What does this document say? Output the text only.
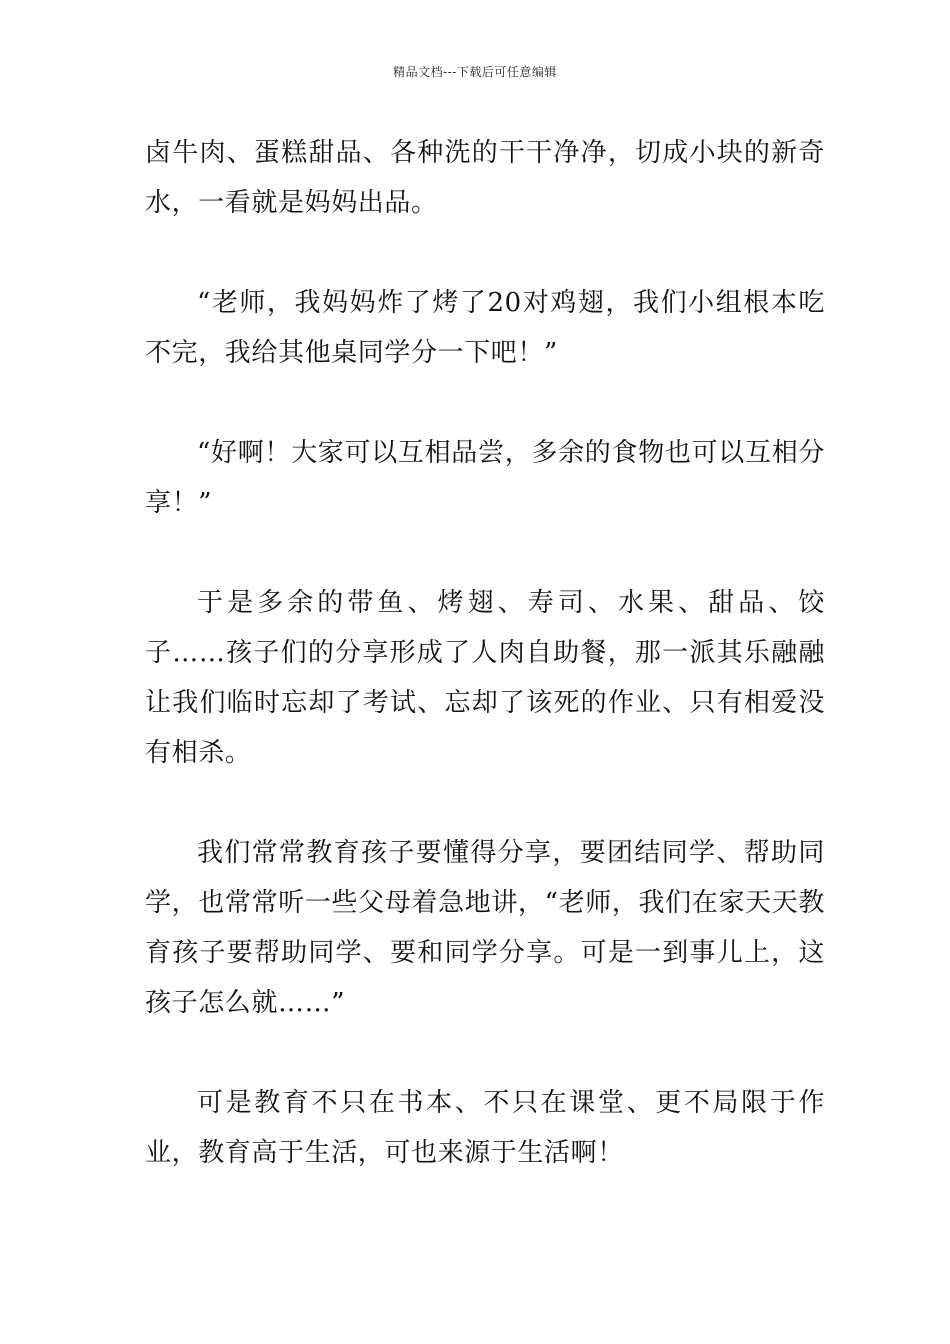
精品文档---下载后可任意编辑

卤牛肉、蛋糕甜品、各种洗的干干净净，切成小块的新奇水，一看就是妈妈出品。

“老师，我妈妈炸了烤了20对鸡翅，我们小组根本吃不完，我给其他桌同学分一下吧！”

“好啊！大家可以互相品尝，多余的食物也可以互相分享！”

于是多余的带鱼、烤翅、寿司、水果、甜品、饺子……孩子们的分享形成了人肉自助餐，那一派其乐融融让我们临时忘却了考试、忘却了该死的作业、只有相爱没有相杀。

我们常常教育孩子要懂得分享，要团结同学、帮助同学，也常常听一些父母着急地讲，“老师，我们在家天天教育孩子要帮助同学、要和同学分享。可是一到事儿上，这孩子怎么就……”

可是教育不只在书本、不只在课堂、更不局限于作业，教育高于生活，可也来源于生活啊！
